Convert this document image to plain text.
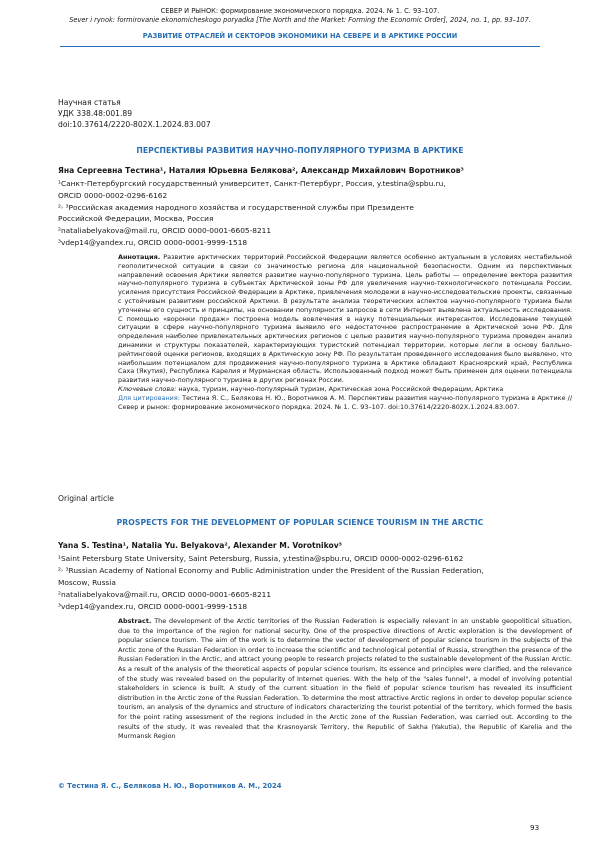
СЕВЕР И РЫНОК: формирование экономического порядка. 2024. № 1. С. 93–107.
Sever i rynok: formirovanie ekonomicheskogo poryadka [The North and the Market: Forming the Economic Order], 2024, no. 1, pp. 93–107.
РАЗВИТИЕ ОТРАСЛЕЙ И СЕКТОРОВ ЭКОНОМИКИ НА СЕВЕРЕ И В АРКТИКЕ РОССИИ
Научная статья
УДК 338.48:001.89
doi:10.37614/2220-802X.1.2024.83.007
ПЕРСПЕКТИВЫ РАЗВИТИЯ НАУЧНО-ПОПУЛЯРНОГО ТУРИЗМА В АРКТИКЕ
Яна Сергеевна Тестина¹, Наталия Юрьевна Белякова², Александр Михайлович Воротников³
¹Санкт-Петербургский государственный университет, Санкт-Петербург, Россия, y.testina@spbu.ru,
ORCID 0000-0002-0296-6162
²˒ ³Российская академия народного хозяйства и государственной службы при Президенте
Российской Федерации, Москва, Россия
²nataliabelyakova@mail.ru, ORCID 0000-0001-6605-8211
³vdep14@yandex.ru, ORCID 0000-0001-9999-1518
Аннотация. Развитие арктических территорий Российской Федерации является особенно актуальным в условиях нестабильной геополитической ситуации в связи со значимостью региона для национальной безопасности. Одним из перспективных направлений освоения Арктики является развитие научно-популярного туризма. Цель работы — определение вектора развития научно-популярного туризма в субъектах Арктической зоны РФ для увеличения научно-технологического потенциала России, усиления присутствия Российской Федерации в Арктике, привлечения молодежи в научно-исследовательские проекты, связанные с устойчивым развитием российской Арктики. В результате анализа теоретических аспектов научно-популярного туризма были уточнены его сущность и принципы, на основании популярности запросов в сети Интернет выявлена актуальность исследования. С помощью «воронки продаж» построена модель вовлечения в науку потенциальных интересантов. Исследование текущей ситуации в сфере научно-популярного туризма выявило его недостаточное распространение в Арктической зоне РФ. Для определения наиболее привлекательных арктических регионов с целью развития научно-популярного туризма проведен анализ динамики и структуры показателей, характеризующих туристский потенциал территории, которые легли в основу балльно-рейтинговой оценки регионов, входящих в Арктическую зону РФ. По результатам проведенного исследования было выявлено, что наибольшим потенциалом для продвижения научно-популярного туризма в Арктике обладают Красноярский край, Республика Саха (Якутия), Республика Карелия и Мурманская область. Использованный подход может быть применен для оценки потенциала развития научно-популярного туризма в других регионах России.
Ключевые слова: наука, туризм, научно-популярный туризм, Арктическая зона Российской Федерации, Арктика
Для цитирования: Тестина Я. С., Белякова Н. Ю., Воротников А. М. Перспективы развития научно-популярного туризма в Арктике // Север и рынок: формирование экономического порядка. 2024. № 1. С. 93–107. doi:10.37614/2220-802X.1.2024.83.007.
Original article
PROSPECTS FOR THE DEVELOPMENT OF POPULAR SCIENCE TOURISM IN THE ARCTIC
Yana S. Testina¹, Natalia Yu. Belyakova², Alexander M. Vorotnikov³
¹Saint Petersburg State University, Saint Petersburg, Russia, y.testina@spbu.ru, ORCID 0000-0002-0296-6162
²˒ ³Russian Academy of National Economy and Public Administration under the President of the Russian Federation,
Moscow, Russia
²nataliabelyakova@mail.ru, ORCID 0000-0001-6605-8211
³vdep14@yandex.ru, ORCID 0000-0001-9999-1518
Abstract. The development of the Arctic territories of the Russian Federation is especially relevant in an unstable geopolitical situation, due to the importance of the region for national security. One of the prospective directions of Arctic exploration is the development of popular science tourism. The aim of the work is to determine the vector of development of popular science tourism in the subjects of the Arctic zone of the Russian Federation in order to increase the scientific and technological potential of Russia, strengthen the presence of the Russian Federation in the Arctic, and attract young people to research projects related to the sustainable development of the Russian Arctic. As a result of the analysis of the theoretical aspects of popular science tourism, its essence and principles were clarified, and the relevance of the study was revealed based on the popularity of Internet queries. With the help of the "sales funnel", a model of involving potential stakeholders in science is built. A study of the current situation in the field of popular science tourism has revealed its insufficient distribution in the Arctic zone of the Russian Federation. To determine the most attractive Arctic regions in order to develop popular science tourism, an analysis of the dynamics and structure of indicators characterizing the tourist potential of the territory, which formed the basis for the point rating assessment of the regions included in the Arctic zone of the Russian Federation, was carried out. According to the results of the study, it was revealed that the Krasnoyarsk Territory, the Republic of Sakha (Yakutia), the Republic of Karelia and the Murmansk Region
© Тестина Я. С., Белякова Н. Ю., Воротников А. М., 2024
93
